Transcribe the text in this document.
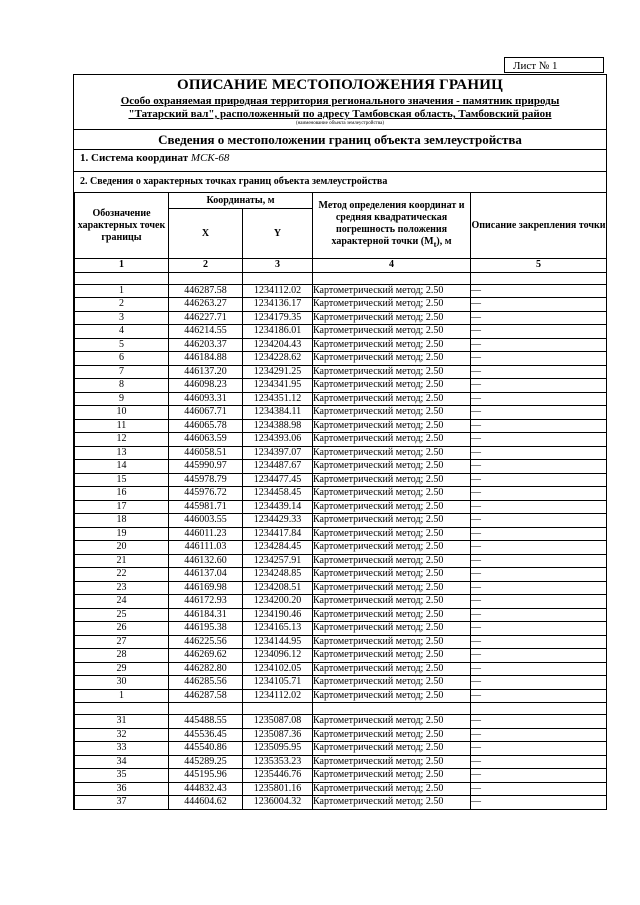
Лист № 1
ОПИСАНИЕ МЕСТОПОЛОЖЕНИЯ ГРАНИЦ
Особо охраняемая природная территория регионального значения - памятник природы
"Татарский вал", расположенный по адресу Тамбовская область, Тамбовский район
(наименование объекта землеустройства)
Сведения о местоположении границ объекта землеустройства
1. Система координат МСК-68
2. Сведения о характерных точках границ объекта землеустройства
Обозначение характерных точек границы	Координаты, м		Метод определения координат и средняя квадратическая погрешность положения характерной точки $(М_t)$, м	Описание закрепления точки
	X	Y		
1	2	3	4	5

1	446287.58	1234112.02	Картометрический метод; 2.50	—
2	446263.27	1234136.17	Картометрический метод; 2.50	—
3	446227.71	1234179.35	Картометрический метод; 2.50	—
4	446214.55	1234186.01	Картометрический метод; 2.50	—
5	446203.37	1234204.43	Картометрический метод; 2.50	—
6	446184.88	1234228.62	Картометрический метод; 2.50	—
7	446137.20	1234291.25	Картометрический метод; 2.50	—
8	446098.23	1234341.95	Картометрический метод; 2.50	—
9	446093.31	1234351.12	Картометрический метод; 2.50	—
10	446067.71	1234384.11	Картометрический метод; 2.50	—
11	446065.78	1234388.98	Картометрический метод; 2.50	—
12	446063.59	1234393.06	Картометрический метод; 2.50	—
13	446058.51	1234397.07	Картометрический метод; 2.50	—
14	445990.97	1234487.67	Картометрический метод; 2.50	—
15	445978.79	1234477.45	Картометрический метод; 2.50	—
16	445976.72	1234458.45	Картометрический метод; 2.50	—
17	445981.71	1234439.14	Картометрический метод; 2.50	—
18	446003.55	1234429.33	Картометрический метод; 2.50	—
19	446011.23	1234417.84	Картометрический метод; 2.50	—
20	446111.03	1234284.45	Картометрический метод; 2.50	—
21	446132.60	1234257.91	Картометрический метод; 2.50	—
22	446137.04	1234248.85	Картометрический метод; 2.50	—
23	446169.98	1234208.51	Картометрический метод; 2.50	—
24	446172.93	1234200.20	Картометрический метод; 2.50	—
25	446184.31	1234190.46	Картометрический метод; 2.50	—
26	446195.38	1234165.13	Картометрический метод; 2.50	—
27	446225.56	1234144.95	Картометрический метод; 2.50	—
28	446269.62	1234096.12	Картометрический метод; 2.50	—
29	446282.80	1234102.05	Картометрический метод; 2.50	—
30	446285.56	1234105.71	Картометрический метод; 2.50	—
1	446287.58	1234112.02	Картометрический метод; 2.50	—

31	445488.55	1235087.08	Картометрический метод; 2.50	—
32	445536.45	1235087.36	Картометрический метод; 2.50	—
33	445540.86	1235095.95	Картометрический метод; 2.50	—
34	445289.25	1235353.23	Картометрический метод; 2.50	—
35	445195.96	1235446.76	Картометрический метод; 2.50	—
36	444832.43	1235801.16	Картометрический метод; 2.50	—
37	444604.62	1236004.32	Картометрический метод; 2.50	—
